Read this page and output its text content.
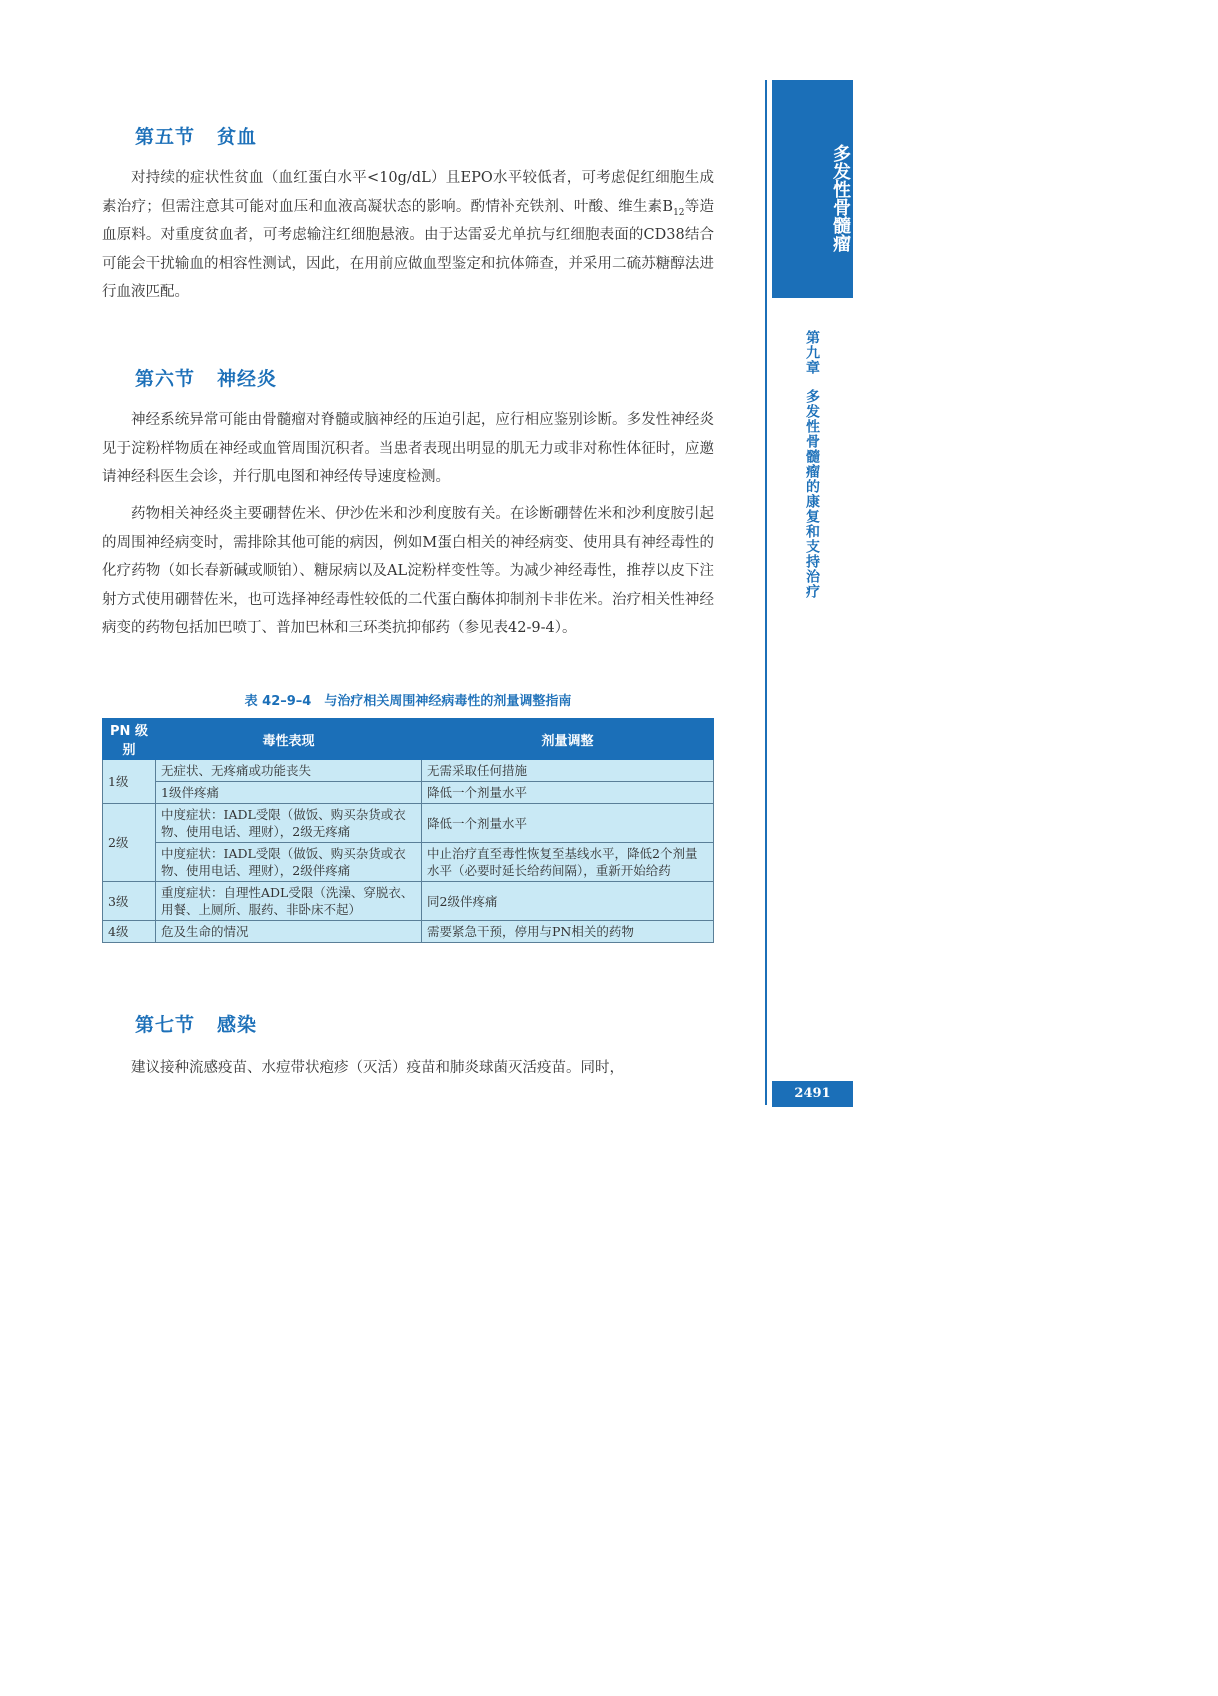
第五节 贫血

对持续的症状性贫血（血红蛋白水平<10g/dL）且EPO水平较低者，可考虑促红细胞生成素治疗；但需注意其可能对血压和血液高凝状态的影响。酌情补充铁剂、叶酸、维生素$B_{12}$等造血原料。对重度贫血者，可考虑输注红细胞悬液。由于达雷妥尤单抗与红细胞表面的CD38结合可能会干扰输血的相容性测试，因此，在用前应做血型鉴定和抗体筛查，并采用二硫苏糖醇法进行血液匹配。

第六节 神经炎

神经系统异常可能由骨髓瘤对脊髓或脑神经的压迫引起，应行相应鉴别诊断。多发性神经炎见于淀粉样物质在神经或血管周围沉积者。当患者表现出明显的肌无力或非对称性体征时，应邀请神经科医生会诊，并行肌电图和神经传导速度检测。

药物相关神经炎主要硼替佐米、伊沙佐米和沙利度胺有关。在诊断硼替佐米和沙利度胺引起的周围神经病变时，需排除其他可能的病因，例如M蛋白相关的神经病变、使用具有神经毒性的化疗药物（如长春新碱或顺铂）、糖尿病以及AL淀粉样变性等。为减少神经毒性，推荐以皮下注射方式使用硼替佐米，也可选择神经毒性较低的二代蛋白酶体抑制剂卡非佐米。治疗相关性神经病变的药物包括加巴喷丁、普加巴林和三环类抗抑郁药（参见表42-9-4）。

表 42–9–4　与治疗相关周围神经病毒性的剂量调整指南

PN 级别	毒性表现	剂量调整
1级	无症状、无疼痛或功能丧失	无需采取任何措施
	1级伴疼痛	降低一个剂量水平
2级	中度症状：IADL受限（做饭、购买杂货或衣物、使用电话、理财），2级无疼痛	降低一个剂量水平
	中度症状：IADL受限（做饭、购买杂货或衣物、使用电话、理财），2级伴疼痛	中止治疗直至毒性恢复至基线水平，降低2个剂量水平（必要时延长给药间隔），重新开始给药
3级	重度症状：自理性ADL受限（洗澡、穿脱衣、用餐、上厕所、服药、非卧床不起）	同2级伴疼痛
4级	危及生命的情况	需要紧急干预，停用与PN相关的药物
第七节 感染

建议接种流感疫苗、水痘带状疱疹（灭活）疫苗和肺炎球菌灭活疫苗。同时，

多发性骨髓瘤
第九章多发性骨髓瘤的康复和支持治疗
2491
